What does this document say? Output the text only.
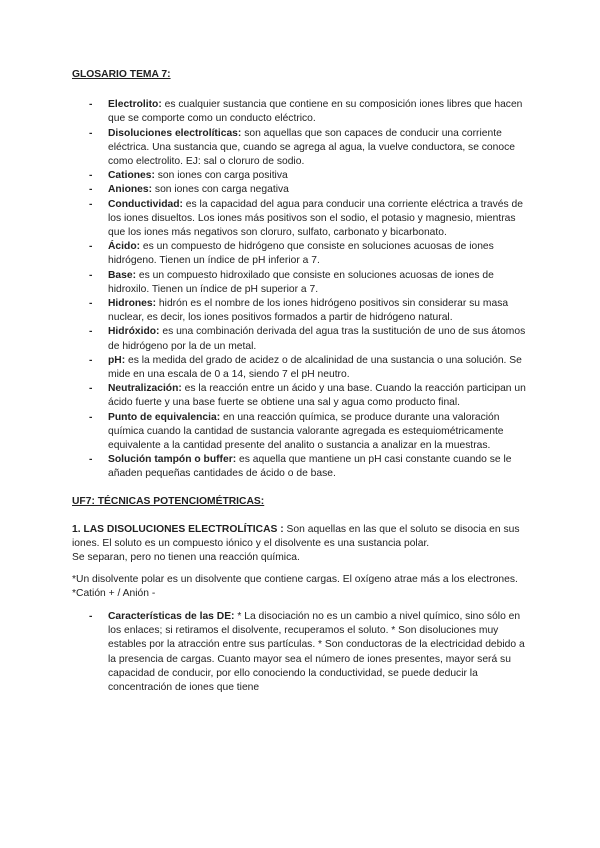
GLOSARIO TEMA 7:

- Electrolito: es cualquier sustancia que contiene en su composición iones libres que hacen que se comporte como un conducto eléctrico.
- Disoluciones electrolíticas: son aquellas que son capaces de conducir una corriente eléctrica. Una sustancia que, cuando se agrega al agua, la vuelve conductora, se conoce como electrolito. EJ: sal o cloruro de sodio.
- Cationes: son iones con carga positiva
- Aniones: son iones con carga negativa
- Conductividad: es la capacidad del agua para conducir una corriente eléctrica a través de los iones disueltos. Los iones más positivos son el sodio, el potasio y magnesio, mientras que los iones más negativos son cloruro, sulfato, carbonato y bicarbonato.
- Ácido: es un compuesto de hidrógeno que consiste en soluciones acuosas de iones hidrógeno. Tienen un índice de pH inferior a 7.
- Base: es un compuesto hidroxilado que consiste en soluciones acuosas de iones de hidroxilo. Tienen un índice de pH superior a 7.
- Hidrones: hidrón es el nombre de los iones hidrógeno positivos sin considerar su masa nuclear, es decir, los iones positivos formados a partir de hidrógeno natural.
- Hidróxido: es una combinación derivada del agua tras la sustitución de uno de sus átomos de hidrógeno por la de un metal.
- pH: es la medida del grado de acidez o de alcalinidad de una sustancia o una solución. Se mide en una escala de 0 a 14, siendo 7 el pH neutro.
- Neutralización: es la reacción entre un ácido y una base. Cuando la reacción participan un ácido fuerte y una base fuerte se obtiene una sal y agua como producto final.
- Punto de equivalencia: en una reacción química, se produce durante una valoración química cuando la cantidad de sustancia valorante agregada es estequiométricamente equivalente a la cantidad presente del analito o sustancia a analizar en la muestras.
- Solución tampón o buffer: es aquella que mantiene un pH casi constante cuando se le añaden pequeñas cantidades de ácido o de base.

UF7: TÉCNICAS POTENCIOMÉTRICAS:

1. LAS DISOLUCIONES ELECTROLÍTICAS : Son aquellas en las que el soluto se disocia en sus iones. El soluto es un compuesto iónico y el disolvente es una sustancia polar.
Se separan, pero no tienen una reacción química.

*Un disolvente polar es un disolvente que contiene cargas. El oxígeno atrae más a los electrones.

*Catión + / Anión -

- Características de las DE: * La disociación no es un cambio a nivel químico, sino sólo en los enlaces; si retiramos el disolvente, recuperamos el soluto. * Son disoluciones muy estables por la atracción entre sus partículas. * Son conductoras de la electricidad debido a la presencia de cargas. Cuanto mayor sea el número de iones presentes, mayor será su capacidad de conducir, por ello conociendo la conductividad, se puede deducir la concentración de iones que tiene
